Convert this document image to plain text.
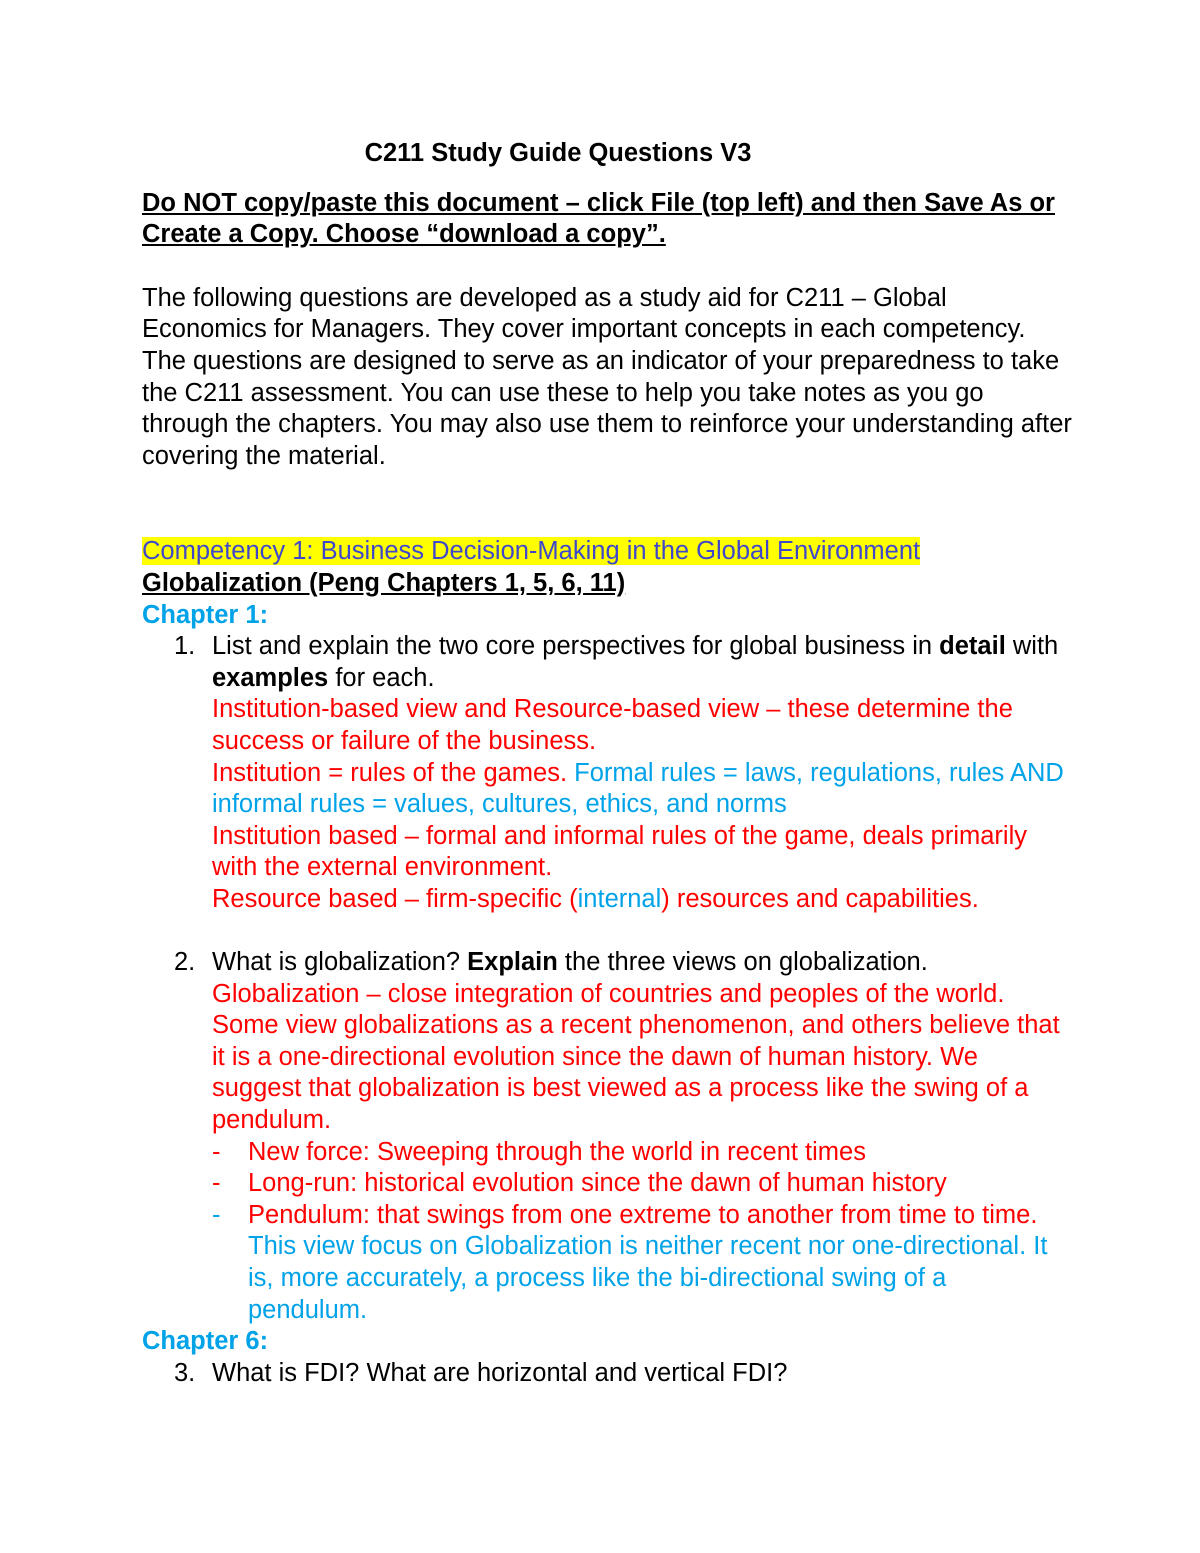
C211 Study Guide Questions V3
Do NOT copy/paste this document – click File (top left) and then Save As or Create a Copy. Choose “download a copy”.
The following questions are developed as a study aid for C211 – Global Economics for Managers. They cover important concepts in each competency. The questions are designed to serve as an indicator of your preparedness to take the C211 assessment. You can use these to help you take notes as you go through the chapters. You may also use them to reinforce your understanding after covering the material.
Competency 1: Business Decision-Making in the Global Environment
Globalization (Peng Chapters 1, 5, 6, 11)
Chapter 1:
1. List and explain the two core perspectives for global business in detail with examples for each.
Institution-based view and Resource-based view – these determine the success or failure of the business.
Institution = rules of the games. Formal rules = laws, regulations, rules AND informal rules = values, cultures, ethics, and norms
Institution based – formal and informal rules of the game, deals primarily with the external environment.
Resource based – firm-specific (internal) resources and capabilities.
2. What is globalization? Explain the three views on globalization.
Globalization – close integration of countries and peoples of the world. Some view globalizations as a recent phenomenon, and others believe that it is a one-directional evolution since the dawn of human history. We suggest that globalization is best viewed as a process like the swing of a pendulum.
- New force: Sweeping through the world in recent times
- Long-run: historical evolution since the dawn of human history
- Pendulum: that swings from one extreme to another from time to time. This view focus on Globalization is neither recent nor one-directional. It is, more accurately, a process like the bi-directional swing of a pendulum.
Chapter 6:
3. What is FDI? What are horizontal and vertical FDI?
